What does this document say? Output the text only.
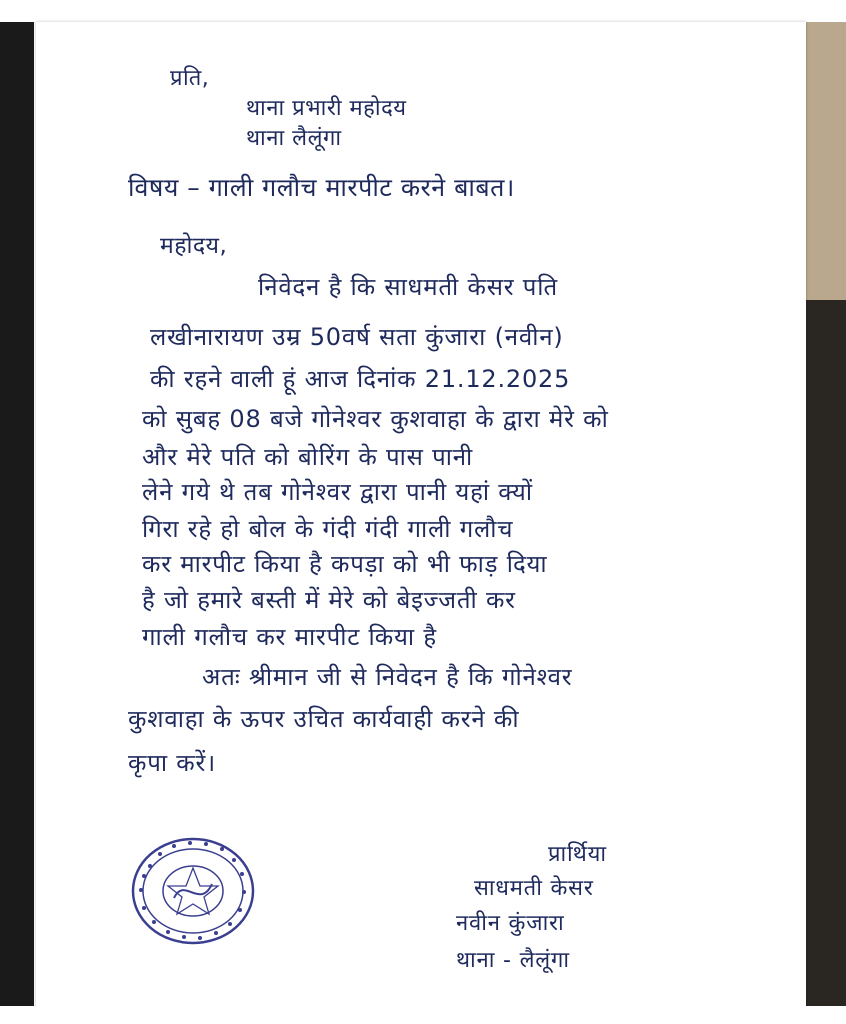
प्रति,
थाना प्रभारी महोदय
थाना लैलूंगा
विषय – गाली गलौच मारपीट करने बाबत।
महोदय,
निवेदन है कि साधमती केसर पति
लखीनारायण उम्र 50वर्ष सता कुंजारा (नवीन)
की रहने वाली हूं आज दिनांक 21.12.2025
को सुबह 08 बजे गोनेश्वर कुशवाहा के द्वारा मेरे को
और मेरे पति को बोरिंग के पास पानी
लेने गये थे तब गोनेश्वर द्वारा पानी यहां क्यों
गिरा रहे हो बोल के गंदी गंदी गाली गलौच
कर मारपीट किया है कपड़ा को भी फाड़ दिया
है जो हमारे बस्ती में मेरे को बेइज्जती कर
गाली गलौच कर मारपीट किया है
अतः श्रीमान जी से निवेदन है कि गोनेश्वर
कुशवाहा के ऊपर उचित कार्यवाही करने की
कृपा करें।
प्रार्थिया
साधमती केसर
नवीन कुंजारा
थाना - लैलूंगा
